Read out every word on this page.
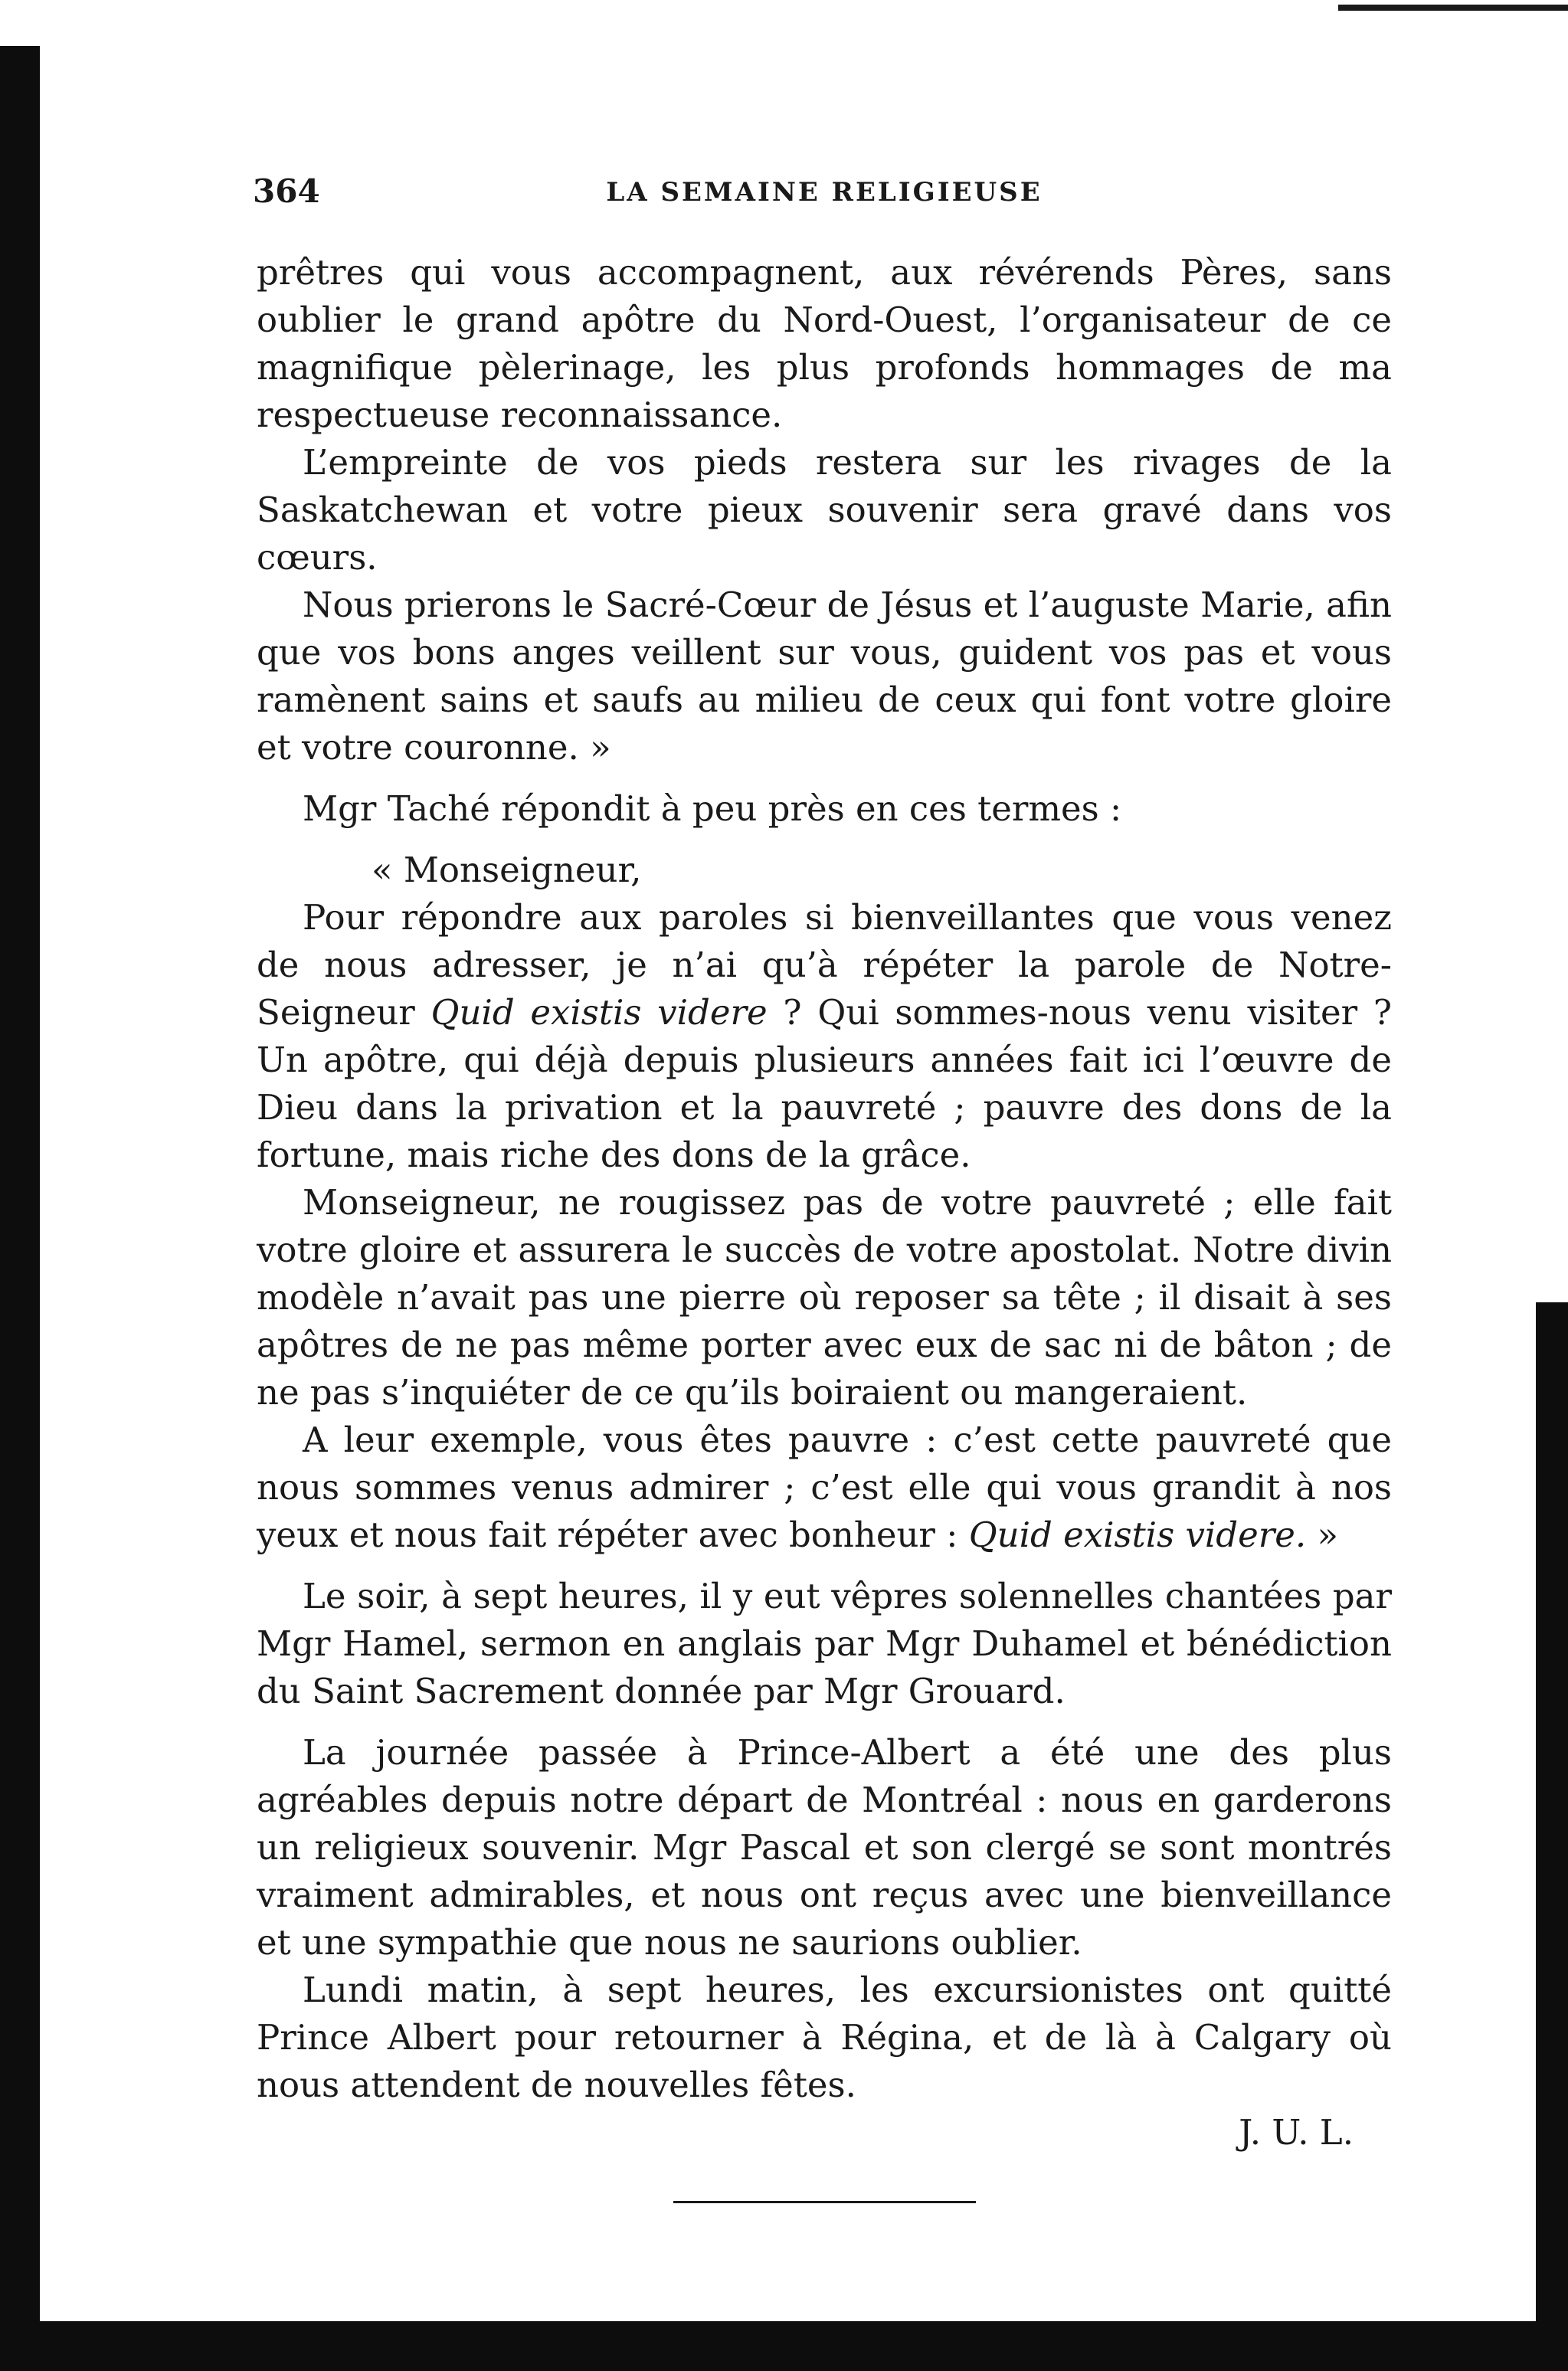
364	LA SEMAINE RELIGIEUSE

prêtres qui vous accompagnent, aux révérends Pères, sans oublier le grand apôtre du Nord-Ouest, l’organisateur de ce magnifique pèlerinage, les plus profonds hommages de ma respectueuse reconnaissance.

L’empreinte de vos pieds restera sur les rivages de la Saskatchewan et votre pieux souvenir sera gravé dans vos cœurs.

Nous prierons le Sacré-Cœur de Jésus et l’auguste Marie, afin que vos bons anges veillent sur vous, guident vos pas et vous ramènent sains et saufs au milieu de ceux qui font votre gloire et votre couronne. »

Mgr Taché répondit à peu près en ces termes :

« Monseigneur,

Pour répondre aux paroles si bienveillantes que vous venez de nous adresser, je n’ai qu’à répéter la parole de Notre-Seigneur Quid existis videre ? Qui sommes-nous venu visiter ? Un apôtre, qui déjà depuis plusieurs années fait ici l’œuvre de Dieu dans la privation et la pauvreté ; pauvre des dons de la fortune, mais riche des dons de la grâce.

Monseigneur, ne rougissez pas de votre pauvreté ; elle fait votre gloire et assurera le succès de votre apostolat. Notre divin modèle n’avait pas une pierre où reposer sa tête ; il disait à ses apôtres de ne pas même porter avec eux de sac ni de bâton ; de ne pas s’inquiéter de ce qu’ils boiraient ou mangeraient.

A leur exemple, vous êtes pauvre : c’est cette pauvreté que nous sommes venus admirer ; c’est elle qui vous grandit à nos yeux et nous fait répéter avec bonheur : Quid existis videre. »

Le soir, à sept heures, il y eut vêpres solennelles chantées par Mgr Hamel, sermon en anglais par Mgr Duhamel et bénédiction du Saint Sacrement donnée par Mgr Grouard.

La journée passée à Prince-Albert a été une des plus agréables depuis notre départ de Montréal : nous en garderons un religieux souvenir. Mgr Pascal et son clergé se sont montrés vraiment admirables, et nous ont reçus avec une bienveillance et une sympathie que nous ne saurions oublier.

Lundi matin, à sept heures, les excursionistes ont quitté Prince Albert pour retourner à Régina, et de là à Calgary où nous attendent de nouvelles fêtes.

J. U. L.
